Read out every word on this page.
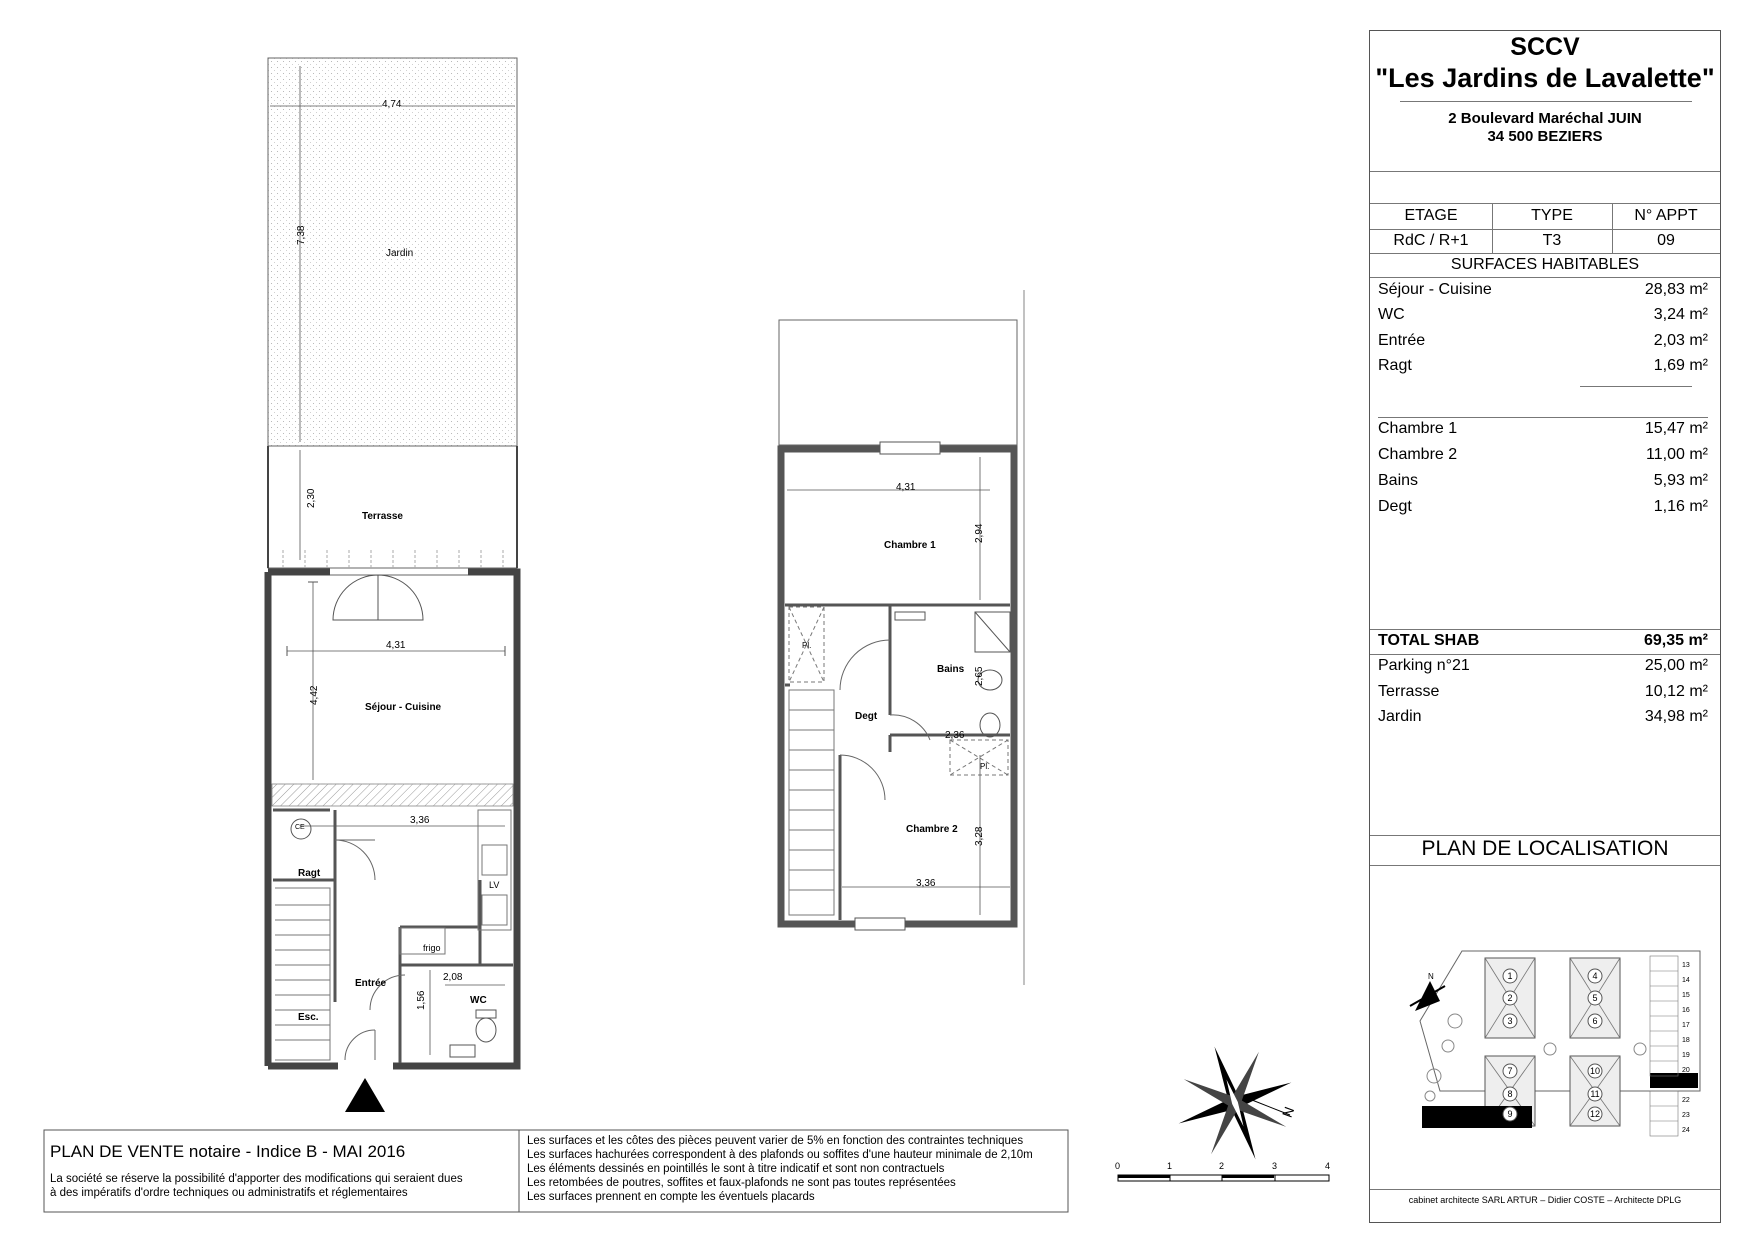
Jardin
Terrasse
Séjour - Cuisine
Ragt
Entrée
WC
Esc.
frigo
LV
CE
4,74
7,38
2,30
4,31
4,42
3,36
2,08
1,56
Chambre 1
Chambre 2
Bains
Degt
Pl.
Pl.
4,31
2,94
2,36
2,65
3,28
3,36
N
0	1	2	3	4
PLAN DE VENTE notaire - Indice B - MAI 2016
La société se réserve la possibilité d'apporter des modifications qui seraient dues
à des impératifs d'ordre techniques ou administratifs et réglementaires
Les surfaces et les côtes des pièces peuvent varier de 5% en fonction des contraintes techniques
Les surfaces hachurées correspondent à des plafonds ou soffites d'une hauteur minimale de 2,10m
Les éléments dessinés en pointillés le sont à titre indicatif et sont non contractuels
Les retombées de poutres, soffites et faux-plafonds ne sont pas toutes représentées
Les surfaces prennent en compte les éventuels placards
SCCV
"Les Jardins de Lavalette"
2 Boulevard Maréchal JUIN
34 500 BEZIERS
ETAGE	TYPE	N° APPT
RdC / R+1	T3	09
SURFACES HABITABLES
Séjour - Cuisine	28,83 m²
WC	3,24 m²
Entrée	2,03 m²
Ragt	1,69 m²
Chambre 1	15,47 m²
Chambre 2	11,00 m²
Bains	5,93 m²
Degt	1,16 m²
TOTAL SHAB	69,35 m²
Parking n°21	25,00 m²
Terrasse	10,12 m²
Jardin	34,98 m²
PLAN DE LOCALISATION
1
2
3
4
5
6
7
8
9
10
11
12
13
14
15
16
17
18
19
20
21
22
23
24
N
cabinet architecte SARL ARTUR – Didier COSTE – Architecte DPLG
